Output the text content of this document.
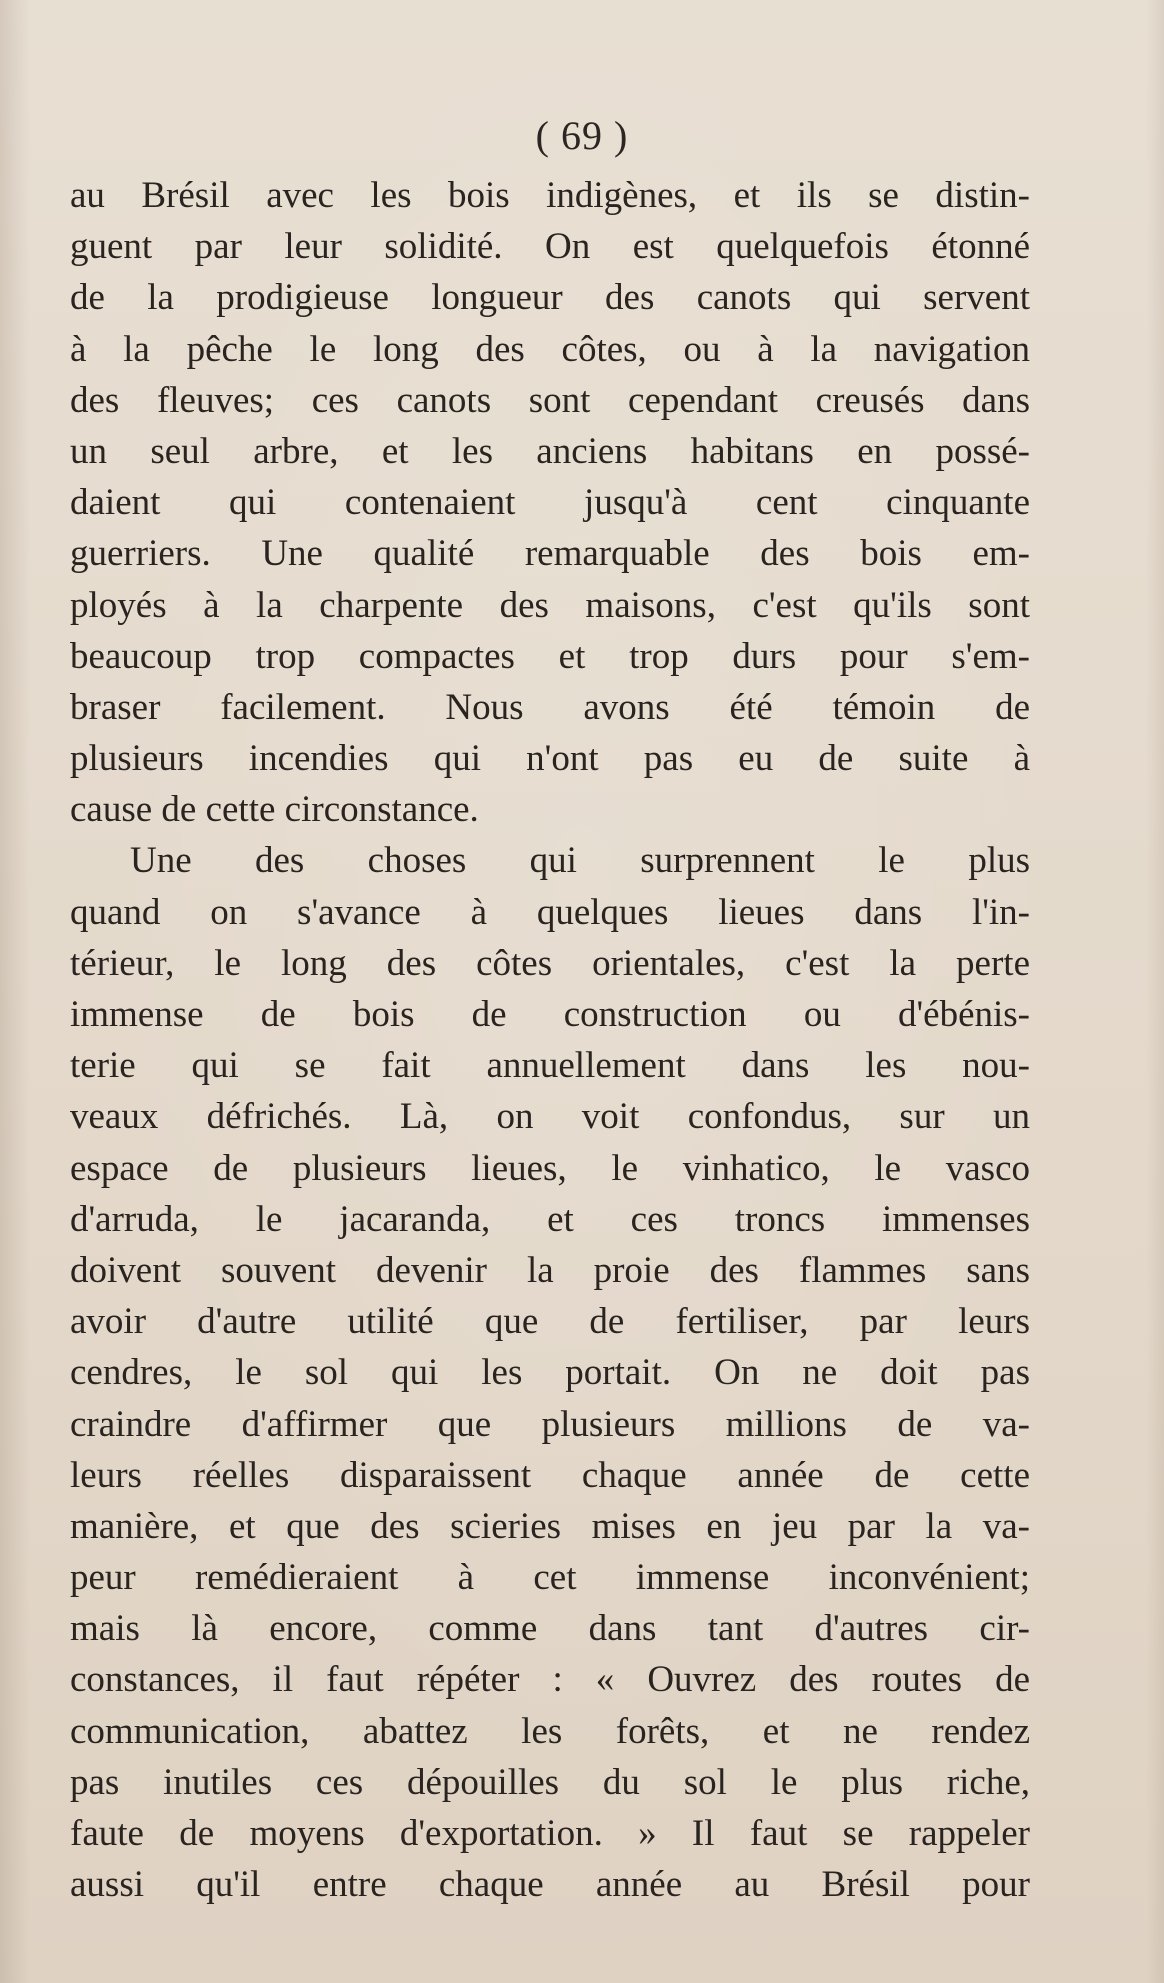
( 69 )
au Brésil avec les bois indigènes, et ils se distin-
guent par leur solidité. On est quelquefois étonné
de la prodigieuse longueur des canots qui servent
à la pêche le long des côtes, ou à la navigation
des fleuves; ces canots sont cependant creusés dans
un seul arbre, et les anciens habitans en possé-
daient qui contenaient jusqu'à cent cinquante
guerriers. Une qualité remarquable des bois em-
ployés à la charpente des maisons, c'est qu'ils sont
beaucoup trop compactes et trop durs pour s'em-
braser facilement. Nous avons été témoin de
plusieurs incendies qui n'ont pas eu de suite à
cause de cette circonstance.
Une des choses qui surprennent le plus
quand on s'avance à quelques lieues dans l'in-
térieur, le long des côtes orientales, c'est la perte
immense de bois de construction ou d'ébénis-
terie qui se fait annuellement dans les nou-
veaux défrichés. Là, on voit confondus, sur un
espace de plusieurs lieues, le vinhatico, le vasco
d'arruda, le jacaranda, et ces troncs immenses
doivent souvent devenir la proie des flammes sans
avoir d'autre utilité que de fertiliser, par leurs
cendres, le sol qui les portait. On ne doit pas
craindre d'affirmer que plusieurs millions de va-
leurs réelles disparaissent chaque année de cette
manière, et que des scieries mises en jeu par la va-
peur remédieraient à cet immense inconvénient;
mais là encore, comme dans tant d'autres cir-
constances, il faut répéter : « Ouvrez des routes de
communication, abattez les forêts, et ne rendez
pas inutiles ces dépouilles du sol le plus riche,
faute de moyens d'exportation. » Il faut se rappeler
aussi qu'il entre chaque année au Brésil pour
